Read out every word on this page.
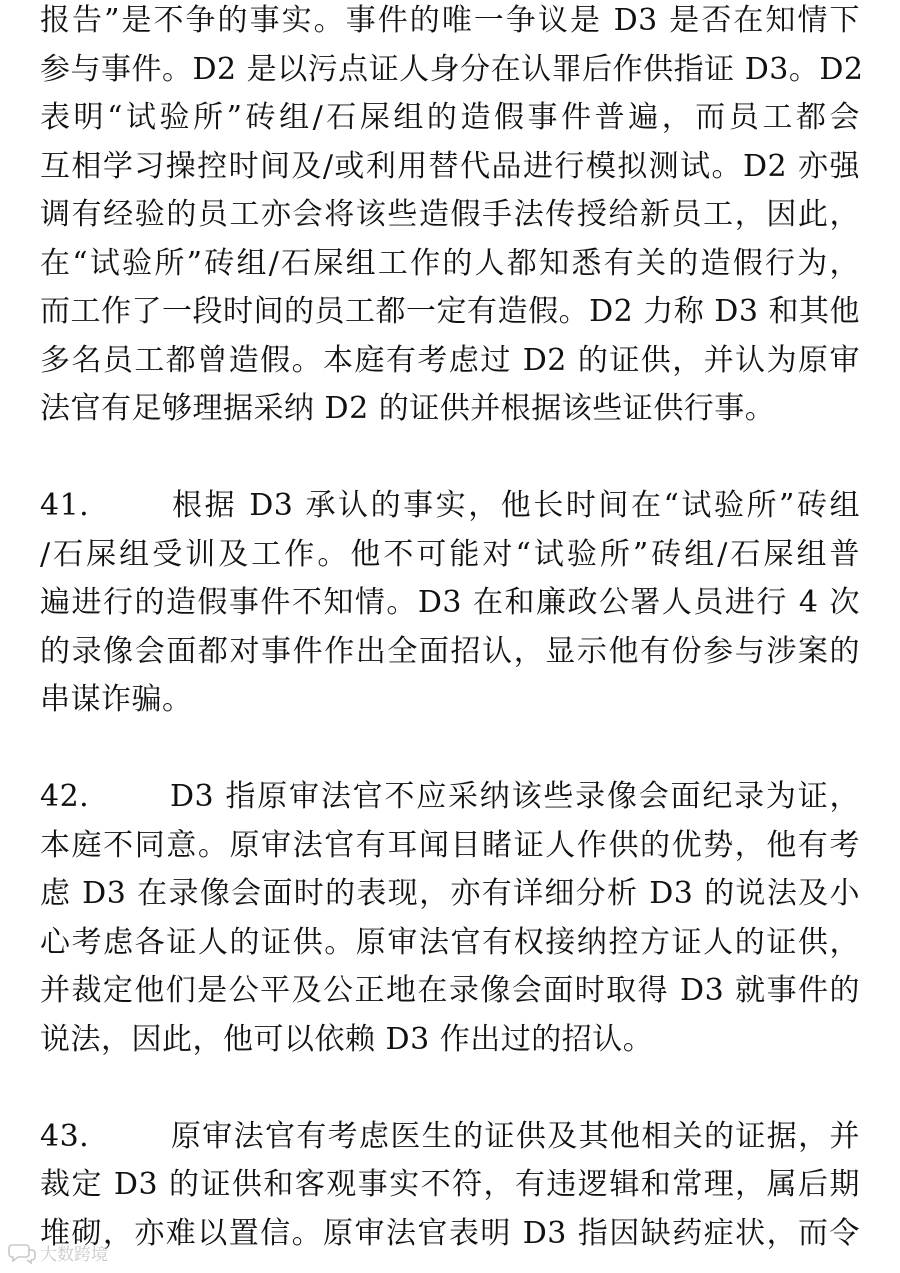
报告”是不争的事实。事件的唯一争议是 D3 是否在知情下
参与事件。D2 是以污点证人身分在认罪后作供指证 D3。D2
表明“试验所”砖组/石屎组的造假事件普遍，而员工都会
互相学习操控时间及/或利用替代品进行模拟测试。D2 亦强
调有经验的员工亦会将该些造假手法传授给新员工，因此，
在“试验所”砖组/石屎组工作的人都知悉有关的造假行为，
而工作了一段时间的员工都一定有造假。D2 力称 D3 和其他
多名员工都曾造假。本庭有考虑过 D2 的证供，并认为原审
法官有足够理据采纳 D2 的证供并根据该些证供行事。
41.	根据 D3 承认的事实，他长时间在“试验所”砖组
/石屎组受训及工作。他不可能对“试验所”砖组/石屎组普
遍进行的造假事件不知情。D3 在和廉政公署人员进行 4 次
的录像会面都对事件作出全面招认，显示他有份参与涉案的
串谋诈骗。
42.	D3 指原审法官不应采纳该些录像会面纪录为证，
本庭不同意。原审法官有耳闻目睹证人作供的优势，他有考
虑 D3 在录像会面时的表现，亦有详细分析 D3 的说法及小
心考虑各证人的证供。原审法官有权接纳控方证人的证供，
并裁定他们是公平及公正地在录像会面时取得 D3 就事件的
说法，因此，他可以依赖 D3 作出过的招认。
43.	原审法官有考虑医生的证供及其他相关的证据，并
裁定 D3 的证供和客观事实不符，有违逻辑和常理，属后期
堆砌，亦难以置信。原审法官表明 D3 指因缺药症状，而令
大数跨境
